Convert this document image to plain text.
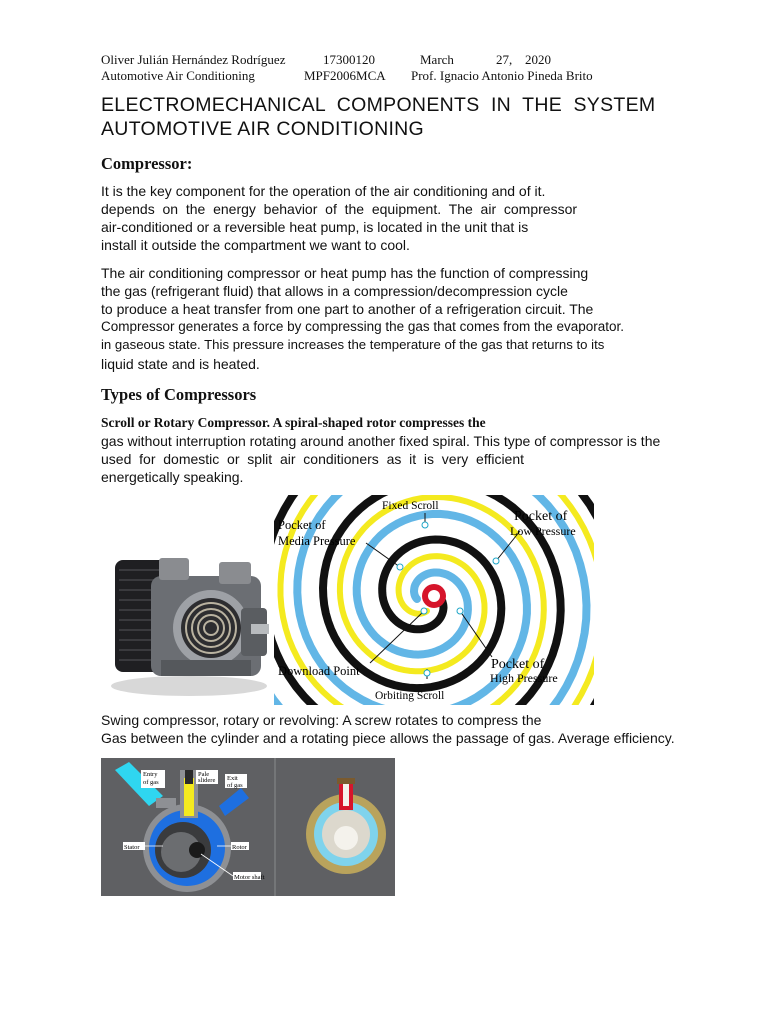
Oliver Julián Hernández Rodríguez	17300120	March	27, 2020
Automotive Air Conditioning	MPF2006MCA Prof. Ignacio Antonio Pineda Brito
ELECTROMECHANICAL  COMPONENTS  IN  THE  SYSTEM
AUTOMOTIVE AIR CONDITIONING
Compressor:
It is the key component for the operation of the air conditioning and of it.
depends  on  the  energy  behavior  of  the  equipment.  The  air  compressor
air-conditioned or a reversible heat pump, is located in the unit that is
install it outside the compartment we want to cool.
The air conditioning compressor or heat pump has the function of compressing
the gas (refrigerant fluid) that allows in a compression/decompression cycle
to produce a heat transfer from one part to another of a refrigeration circuit. The
Compressor generates a force by compressing the gas that comes from the evaporator.
in gaseous state. This pressure increases the temperature of the gas that returns to its
liquid state and is heated.
Types of Compressors
Scroll or Rotary Compressor. A spiral-shaped rotor compresses the
gas without interruption rotating around another fixed spiral. This type of compressor is the
used  for  domestic  or  split  air  conditioners  as  it  is  very  efficient
energetically speaking.
Fixed Scroll
Pocket of
Media Pressure
Pocket of
Low Pressure
Download Point	Pocket of
High Pressure
Orbiting Scroll
Swing compressor, rotary or revolving: A screw rotates to compress the
Gas between the cylinder and a rotating piece allows the passage of gas. Average efficiency.
Entry
of gas
Pale
slidere Exit
of gas
Stator	Rotor
Motor shaft
